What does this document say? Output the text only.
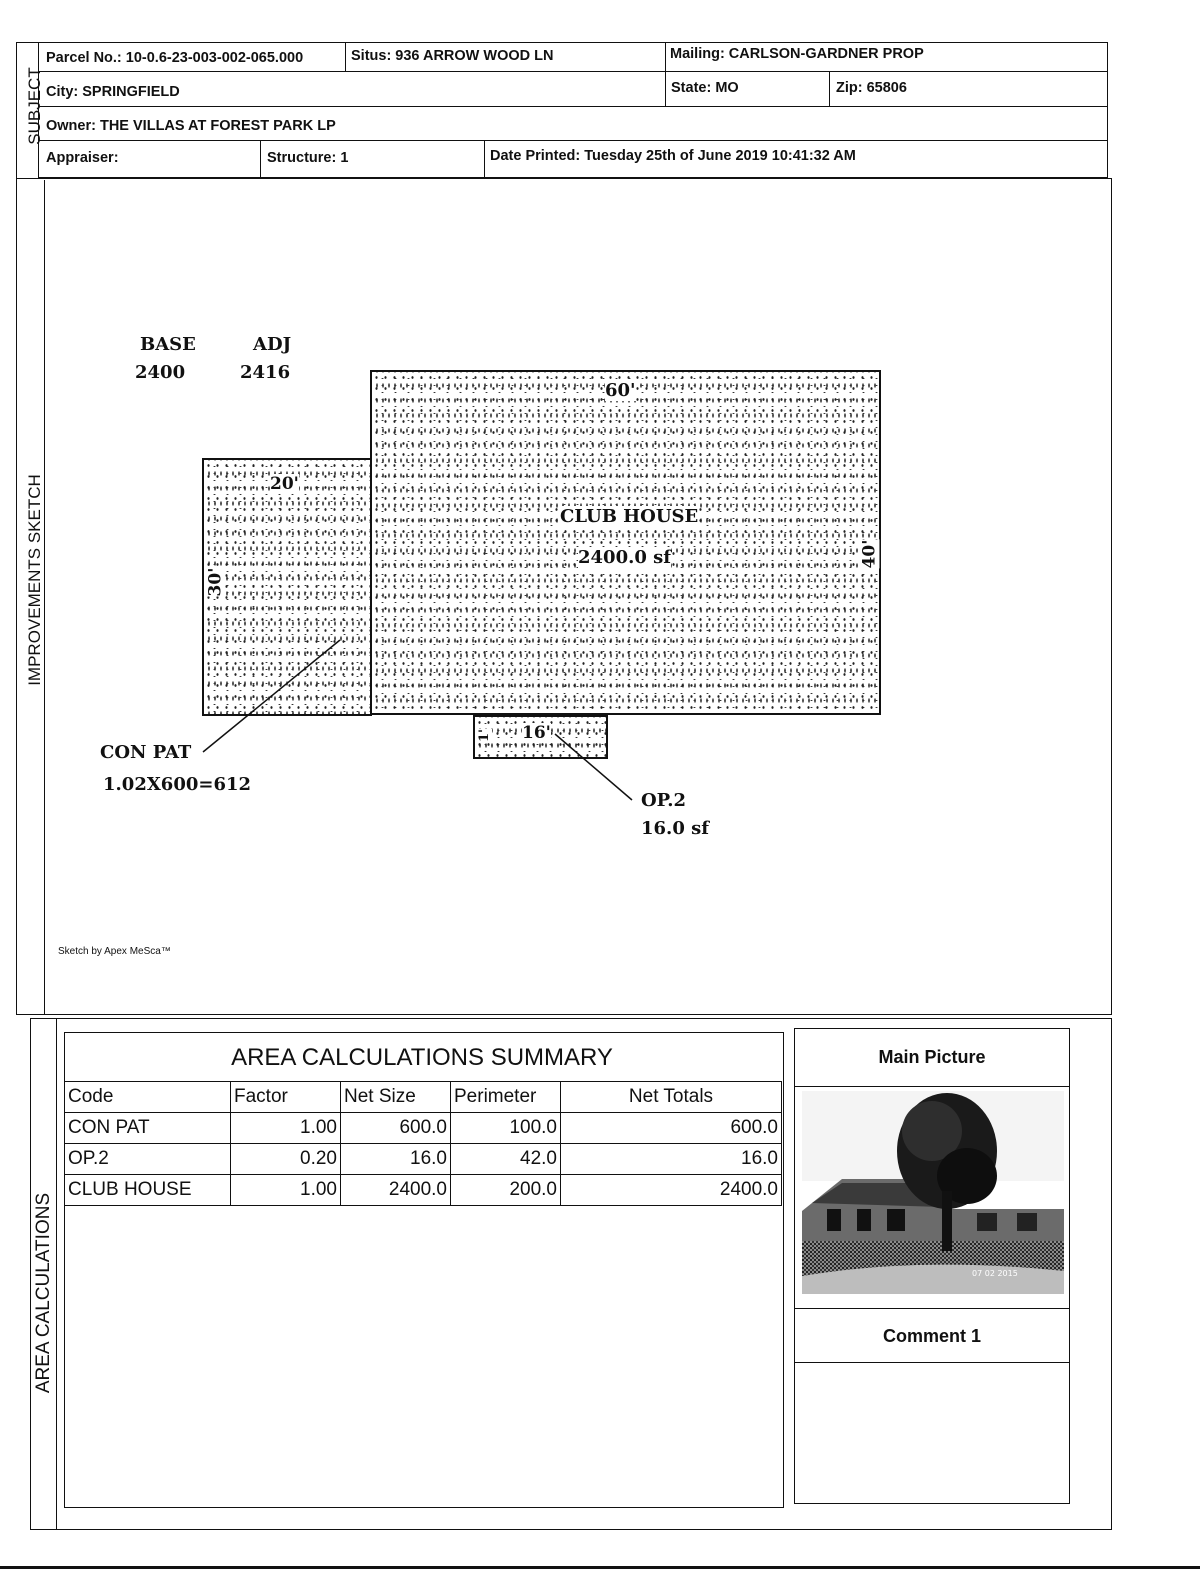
SUBJECT
Parcel No.: 10-0.6-23-003-002-065.000	Situs: 936 ARROW WOOD LN	Mailing: CARLSON-GARDNER PROP
City: SPRINGFIELD	State: MO	Zip: 65806
Owner: THE VILLAS AT FOREST PARK LP
Appraiser:	Structure: 1	Date Printed: Tuesday 25th of June 2019 10:41:32 AM
IMPROVEMENTS SKETCH
BASE
2400
ADJ
2416
CLUB HOUSE
2400.0 sf
60'
40'
20'
30'
16'
1'
CON PAT
1.02X600=612
OP.2
16.0 sf
Sketch by Apex MeSca™
AREA CALCULATIONS
AREA CALCULATIONS SUMMARY
Code	Factor	Net Size	Perimeter	Net Totals
CON PAT	1.00	600.0	100.0	600.0
OP.2	0.20	16.0	42.0	16.0
CLUB HOUSE	1.00	2400.0	200.0	2400.0
Main Picture
07 02 2015
Comment 1
